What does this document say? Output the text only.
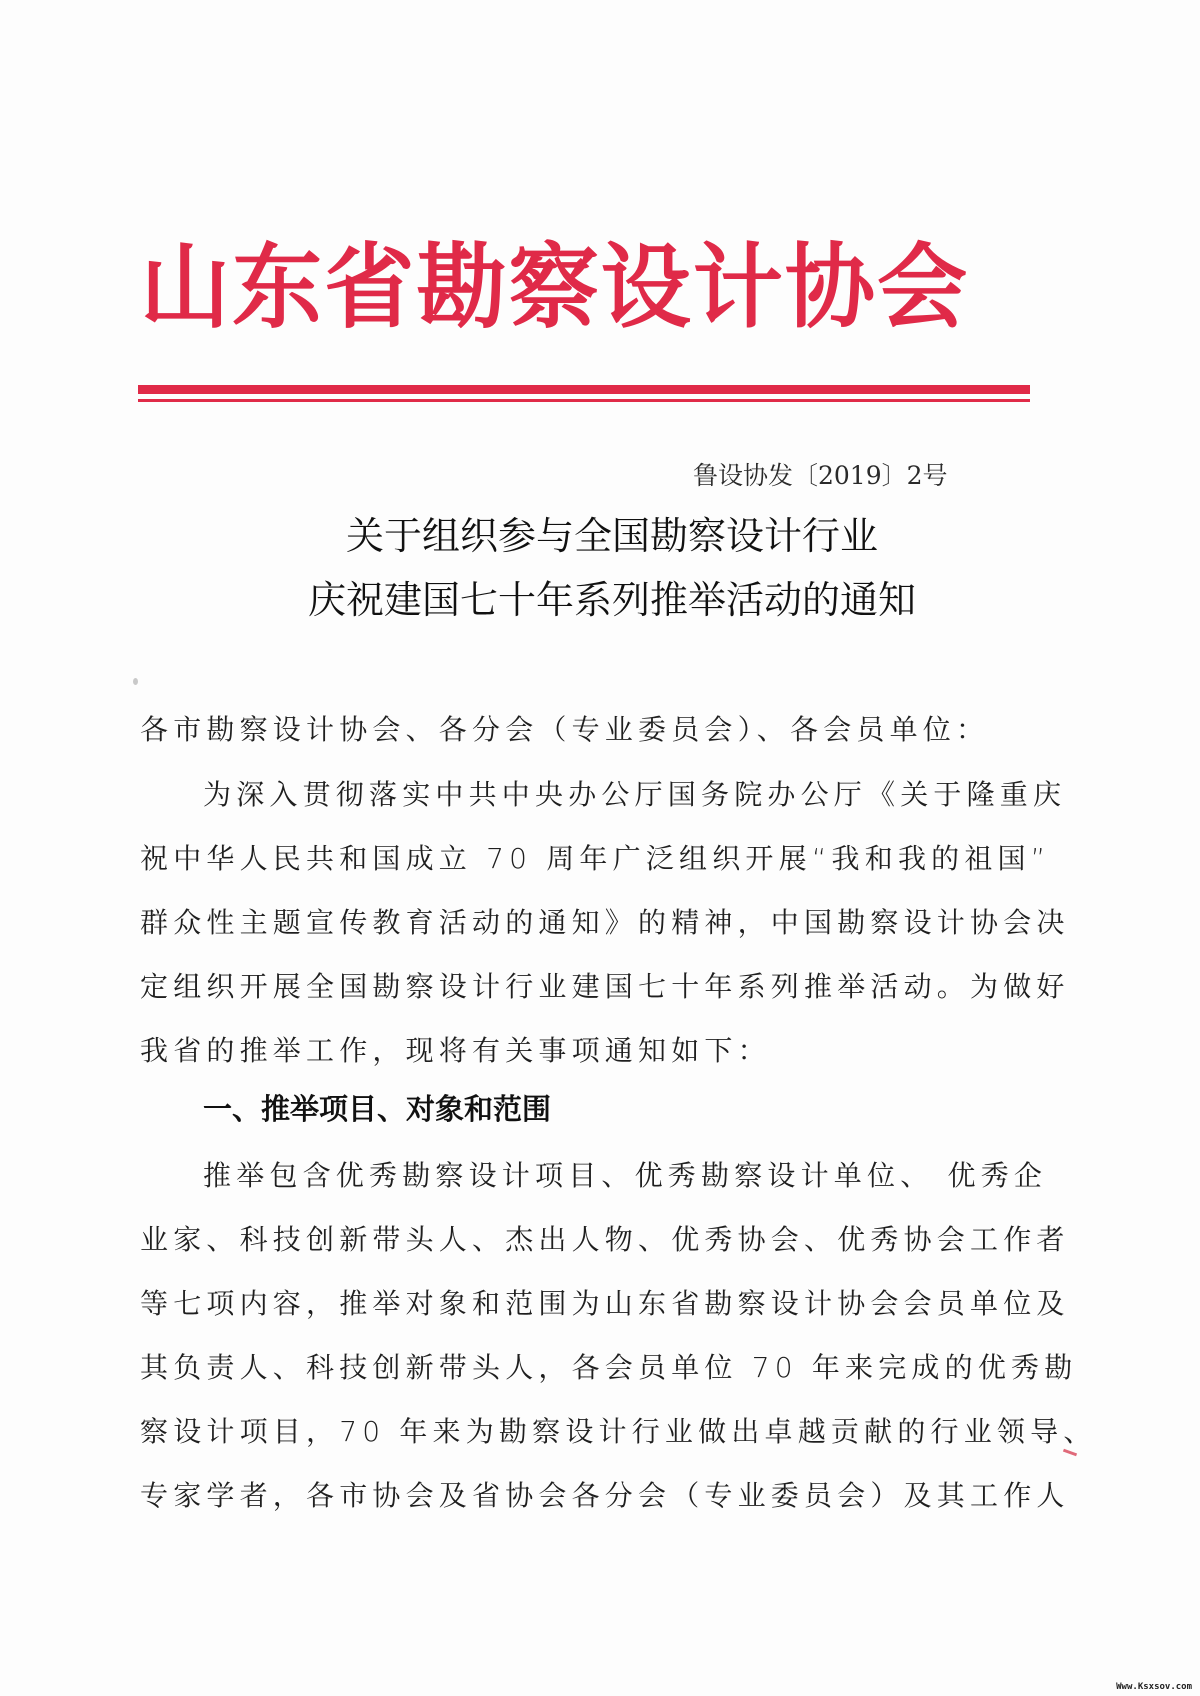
山东省勘察设计协会
鲁设协发〔2019〕2号
关于组织参与全国勘察设计行业
庆祝建国七十年系列推举活动的通知
各市勘察设计协会、各分会（专业委员会）、各会员单位：
为深入贯彻落实中共中央办公厅国务院办公厅《关于隆重庆
祝中华人民共和国成立 70 周年广泛组织开展“我和我的祖国”
群众性主题宣传教育活动的通知》的精神，中国勘察设计协会决
定组织开展全国勘察设计行业建国七十年系列推举活动。为做好
我省的推举工作，现将有关事项通知如下：
一、推举项目、对象和范围
推举包含优秀勘察设计项目、优秀勘察设计单位、 优秀企
业家、科技创新带头人、杰出人物、优秀协会、优秀协会工作者
等七项内容，推举对象和范围为山东省勘察设计协会会员单位及
其负责人、科技创新带头人，各会员单位 70 年来完成的优秀勘
察设计项目，70 年来为勘察设计行业做出卓越贡献的行业领导、
专家学者，各市协会及省协会各分会（专业委员会）及其工作人
Www.Ksxsov.com
